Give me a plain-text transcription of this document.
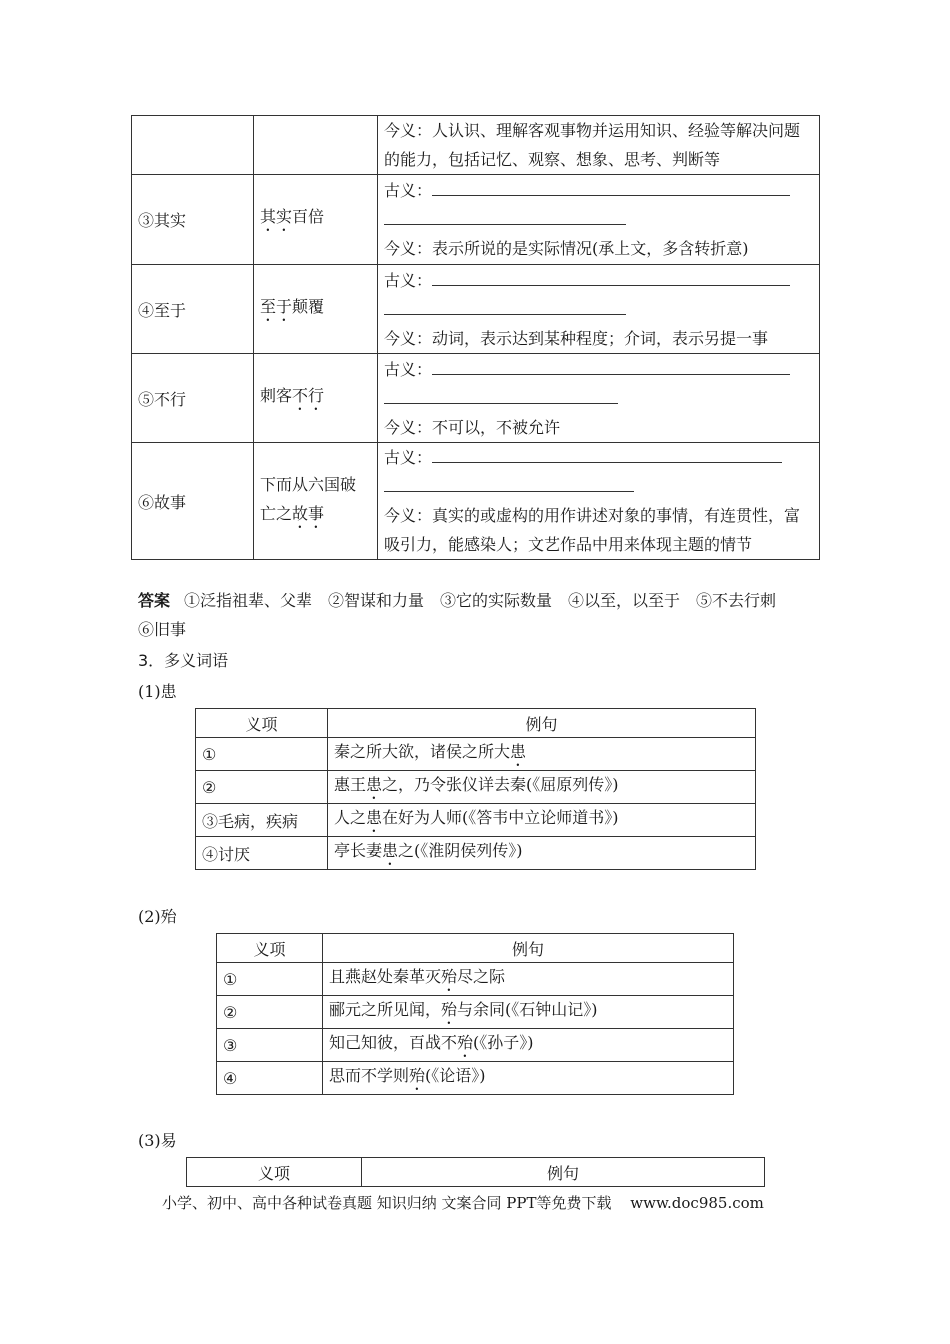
		今义：人认识、理解客观事物并运用知识、经验等解决问题的能力，包括记忆、观察、想象、思考、判断等
③其实	其实百倍	古义：
今义：表示所说的是实际情况(承上文，多含转折意)

④至于	至于颠覆	古义：
今义：动词，表示达到某种程度；介词，表示另提一事

⑤不行	刺客不行	古义：
今义：不可以，不被允许

⑥故事	下而从六国破亡之故事	古义：
今义：真实的或虚构的用作讲述对象的事情，有连贯性，富吸引力，能感染人；文艺作品中用来体现主题的情节
答案 ①泛指祖辈、父辈　②智谋和力量　③它的实际数量　④以至，以至于　⑤不去行刺
⑥旧事
3．多义词语
(1)患
义项	例句
①	秦之所大欲，诸侯之所大患
②	惠王患之，乃令张仪详去秦(《屈原列传》)
③毛病，疾病	人之患在好为人师(《答韦中立论师道书》)
④讨厌	亭长妻患之(《淮阴侯列传》)
(2)殆
义项	例句
①	且燕赵处秦革灭殆尽之际
②	郦元之所见闻，殆与余同(《石钟山记》)
③	知己知彼，百战不殆(《孙子》)
④	思而不学则殆(《论语》)
(3)易
义项	例句
小学、初中、高中各种试卷真题 知识归纳 文案合同 PPT等免费下载 www.doc985.com
